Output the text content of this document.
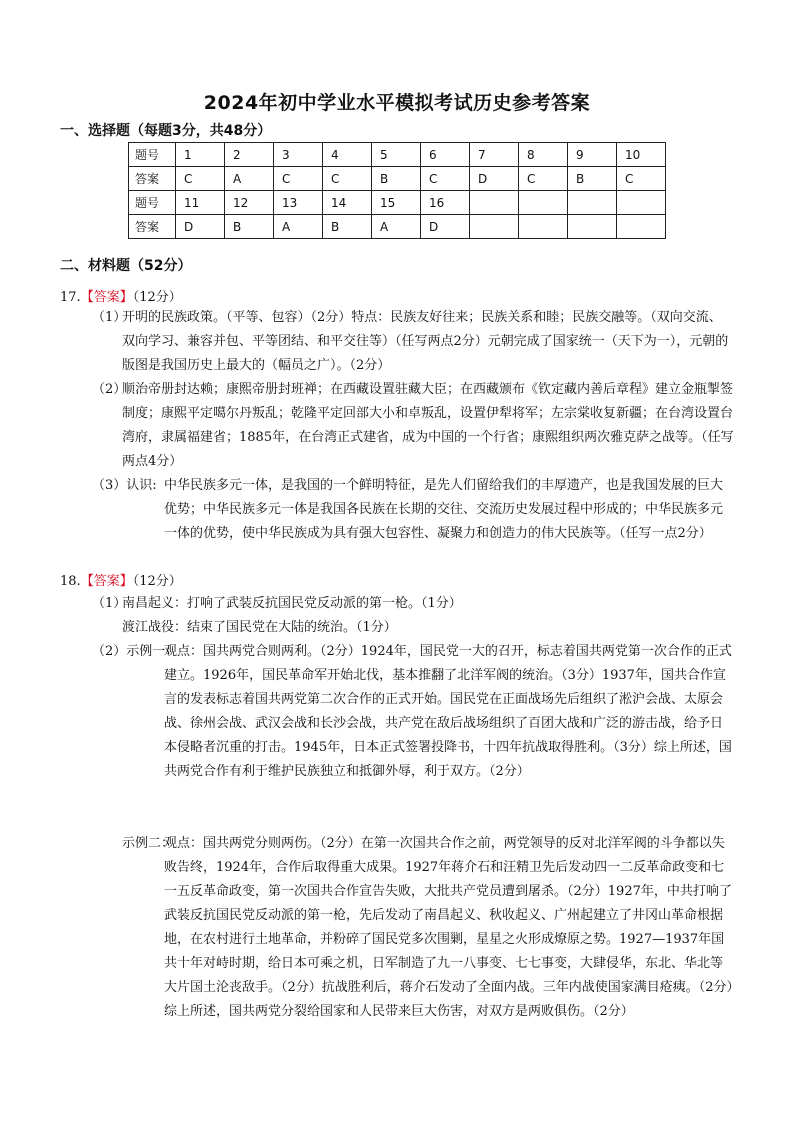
2024年初中学业水平模拟考试历史参考答案
一、选择题（每题3分，共48分）
题号	1	2	3	4	5	6	7	8	9	10
答案	C	A	C	C	B	C	D	C	B	C
题号	11	12	13	14	15	16				
答案	D	B	A	B	A	D				
二、材料题（52分）
17.【答案】（12分）
（1）
开明的民族政策。（平等、包容）（2分）特点：民族友好往来；民族关系和睦；民族交融等。（双向交流、双向学习、兼容并包、平等团结、和平交往等）（任写两点2分）元朝完成了国家统一（天下为一），元朝的版图是我国历史上最大的（幅员之广）。（2分）
（2）
顺治帝册封达赖；康熙帝册封班禅；在西藏设置驻藏大臣；在西藏颁布《钦定藏内善后章程》建立金瓶掣签制度；康熙平定噶尔丹叛乱；乾隆平定回部大小和卓叛乱，设置伊犁将军；左宗棠收复新疆；在台湾设置台湾府，隶属福建省；1885年，在台湾正式建省，成为中国的一个行省；康熙组织两次雅克萨之战等。（任写两点4分）
（3）认识: 中华民族多元一体，是我国的一个鲜明特征，是先人们留给我们的丰厚遗产，也是我国发展的巨大优势；中华民族多元一体是我国各民族在长期的交往、交流历史发展过程中形成的；中华民族多元一体的优势，使中华民族成为具有强大包容性、凝聚力和创造力的伟大民族等。（任写一点2分）
18.【答案】（12分）
（1）
南昌起义：打响了武装反抗国民党反动派的第一枪。（1分）
渡江战役：结束了国民党在大陆的统治。（1分）
（2）示例一：
观点：国共两党合则两利。（2分）1924年，国民党一大的召开，标志着国共两党第一次合作的正式建立。1926年，国民革命军开始北伐，基本推翻了北洋军阀的统治。（3分）1937年，国共合作宣言的发表标志着国共两党第二次合作的正式开始。国民党在正面战场先后组织了淞沪会战、太原会战、徐州会战、武汉会战和长沙会战，共产党在敌后战场组织了百团大战和广泛的游击战，给予日本侵略者沉重的打击。1945年，日本正式签署投降书，十四年抗战取得胜利。（3分）综上所述，国共两党合作有利于维护民族独立和抵御外辱，利于双方。（2分）
示例二：
观点：国共两党分则两伤。（2分）在第一次国共合作之前，两党领导的反对北洋军阀的斗争都以失败告终，1924年，合作后取得重大成果。1927年蒋介石和汪精卫先后发动四一二反革命政变和七一五反革命政变，第一次国共合作宣告失败，大批共产党员遭到屠杀。（2分）1927年，中共打响了武装反抗国民党反动派的第一枪，先后发动了南昌起义、秋收起义、广州起建立了井冈山革命根据地，在农村进行土地革命，并粉碎了国民党多次围剿，星星之火形成燎原之势。1927—1937年国共十年对峙时期，给日本可乘之机，日军制造了九一八事变、七七事变，大肆侵华，东北、华北等大片国土沦丧敌手。（2分）抗战胜利后，蒋介石发动了全面内战。三年内战使国家满目疮痍。（2分）综上所述，国共两党分裂给国家和人民带来巨大伤害，对双方是两败俱伤。（2分）
